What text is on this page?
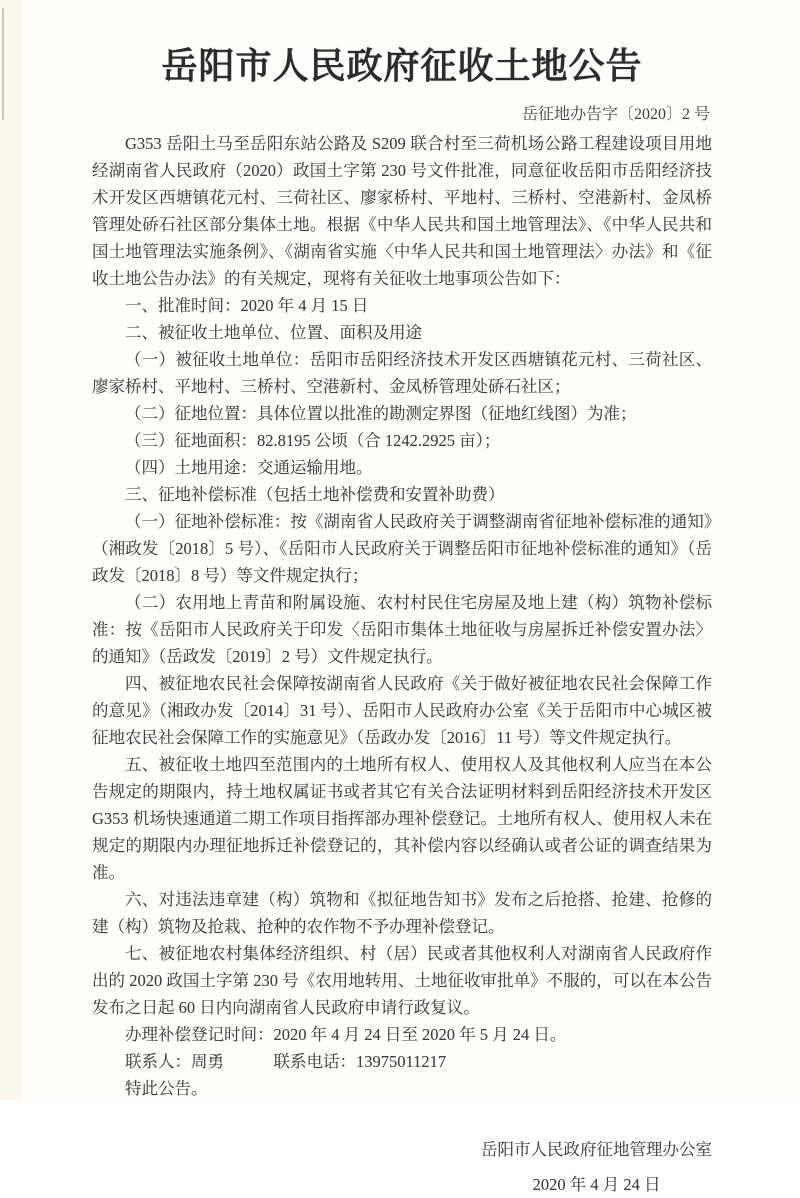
岳阳市人民政府征收土地公告
岳征地办告字〔2020〕2 号

G353 岳阳土马至岳阳东站公路及 S209 联合村至三荷机场公路工程建设项目用地经湖南省人民政府（2020）政国土字第 230 号文件批准，同意征收岳阳市岳阳经济技术开发区西塘镇花元村、三荷社区、廖家桥村、平地村、三桥村、空港新村、金凤桥管理处硚石社区部分集体土地。根据《中华人民共和国土地管理法》、《中华人民共和国土地管理法实施条例》、《湖南省实施〈中华人民共和国土地管理法〉办法》和《征收土地公告办法》的有关规定，现将有关征收土地事项公告如下：

一、批准时间：2020 年 4 月 15 日

二、被征收土地单位、位置、面积及用途

（一）被征收土地单位：岳阳市岳阳经济技术开发区西塘镇花元村、三荷社区、廖家桥村、平地村、三桥村、空港新村、金凤桥管理处硚石社区；

（二）征地位置：具体位置以批准的勘测定界图（征地红线图）为准；

（三）征地面积：82.8195 公顷（合 1242.2925 亩）；

（四）土地用途：交通运输用地。

三、征地补偿标准（包括土地补偿费和安置补助费）

（一）征地补偿标准：按《湖南省人民政府关于调整湖南省征地补偿标准的通知》（湘政发〔2018〕5 号）、《岳阳市人民政府关于调整岳阳市征地补偿标准的通知》（岳政发〔2018〕8 号）等文件规定执行；

（二）农用地上青苗和附属设施、农村村民住宅房屋及地上建（构）筑物补偿标准：按《岳阳市人民政府关于印发〈岳阳市集体土地征收与房屋拆迁补偿安置办法〉的通知》（岳政发〔2019〕2 号）文件规定执行。

四、被征地农民社会保障按湖南省人民政府《关于做好被征地农民社会保障工作的意见》（湘政办发〔2014〕31 号）、岳阳市人民政府办公室《关于岳阳市中心城区被征地农民社会保障工作的实施意见》（岳政办发〔2016〕11 号）等文件规定执行。

五、被征收土地四至范围内的土地所有权人、使用权人及其他权利人应当在本公告规定的期限内，持土地权属证书或者其它有关合法证明材料到岳阳经济技术开发区 G353 机场快速通道二期工作项目指挥部办理补偿登记。土地所有权人、使用权人未在规定的期限内办理征地拆迁补偿登记的，其补偿内容以经确认或者公证的调查结果为准。

六、对违法违章建（构）筑物和《拟征地告知书》发布之后抢搭、抢建、抢修的建（构）筑物及抢栽、抢种的农作物不予办理补偿登记。

七、被征地农村集体经济组织、村（居）民或者其他权利人对湖南省人民政府作出的 2020 政国土字第 230 号《农用地转用、土地征收审批单》不服的，可以在本公告发布之日起 60 日内向湖南省人民政府申请行政复议。

办理补偿登记时间：2020 年 4 月 24 日至 2020 年 5 月 24 日。

联系人：周勇　　　联系电话：13975011217

特此公告。

岳阳市人民政府征地管理办公室
2020 年 4 月 24 日
